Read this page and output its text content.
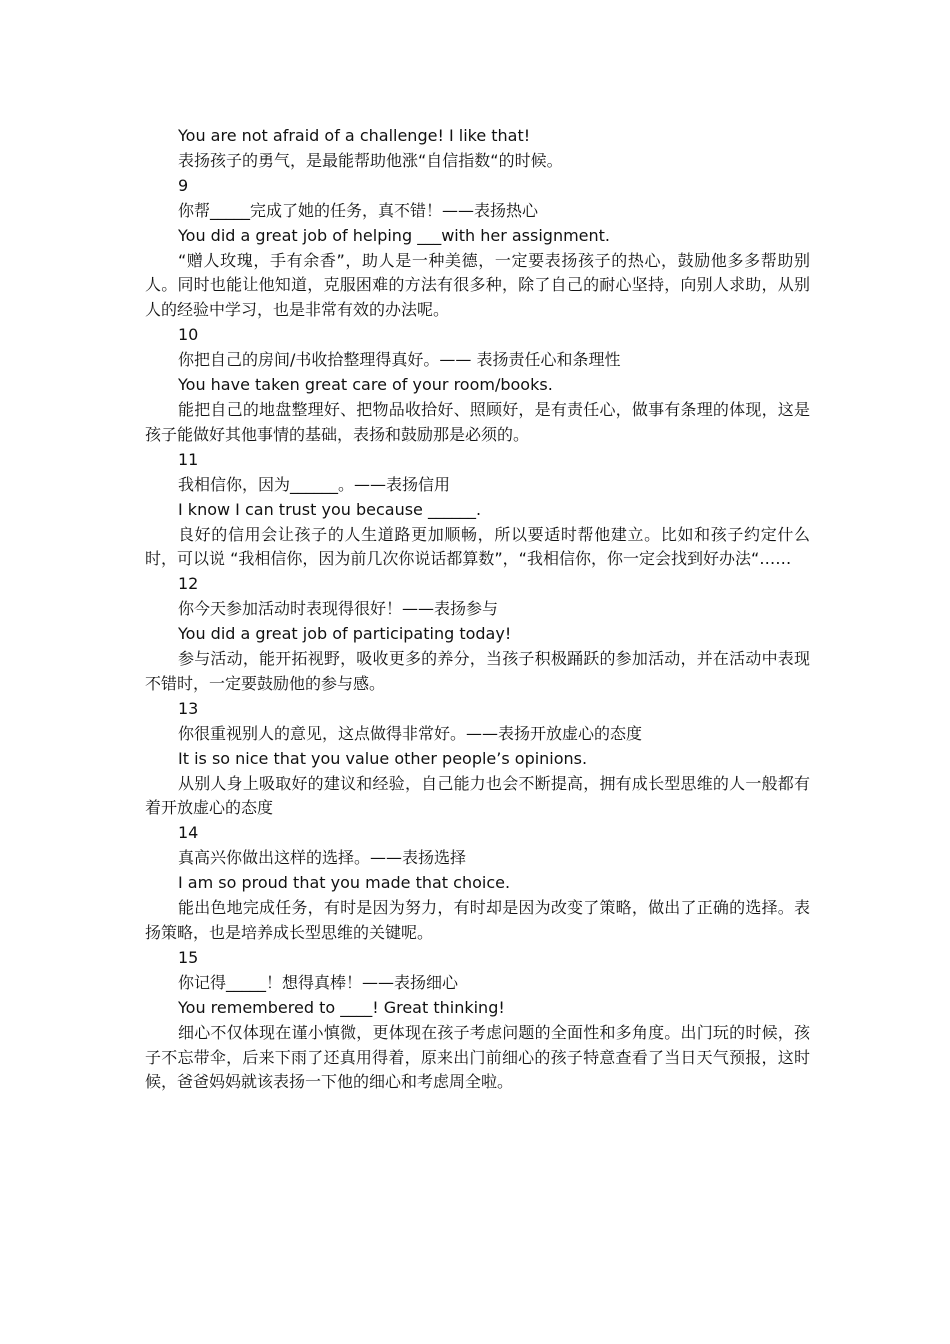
You are not afraid of a challenge! I like that!

表扬孩子的勇气，是最能帮助他涨“自信指数“的时候。

9

你帮_____完成了她的任务，真不错！——表扬热心

You did a great job of helping ___with her assignment.

“赠人玫瑰，手有余香”，助人是一种美德，一定要表扬孩子的热心，鼓励他多多帮助别人。同时也能让他知道，克服困难的方法有很多种，除了自己的耐心坚持，向别人求助，从别人的经验中学习，也是非常有效的办法呢。

10

你把自己的房间/书收拾整理得真好。—— 表扬责任心和条理性

You have taken great care of your room/books.

能把自己的地盘整理好、把物品收拾好、照顾好，是有责任心，做事有条理的体现，这是孩子能做好其他事情的基础，表扬和鼓励那是必须的。

11

我相信你，因为______。——表扬信用

I know I can trust you because ______.

良好的信用会让孩子的人生道路更加顺畅，所以要适时帮他建立。比如和孩子约定什么时，可以说 “我相信你，因为前几次你说话都算数”，“我相信你，你一定会找到好办法“……

12

你今天参加活动时表现得很好！——表扬参与

You did a great job of participating today!

参与活动，能开拓视野，吸收更多的养分，当孩子积极踊跃的参加活动，并在活动中表现不错时，一定要鼓励他的参与感。

13

你很重视别人的意见，这点做得非常好。——表扬开放虚心的态度

It is so nice that you value other people’s opinions.

从别人身上吸取好的建议和经验，自己能力也会不断提高，拥有成长型思维的人一般都有着开放虚心的态度

14

真高兴你做出这样的选择。——表扬选择

I am so proud that you made that choice.

能出色地完成任务，有时是因为努力，有时却是因为改变了策略，做出了正确的选择。表扬策略，也是培养成长型思维的关键呢。

15

你记得_____！想得真棒！——表扬细心

You remembered to ____! Great thinking!

细心不仅体现在谨小慎微，更体现在孩子考虑问题的全面性和多角度。出门玩的时候，孩子不忘带伞，后来下雨了还真用得着，原来出门前细心的孩子特意查看了当日天气预报，这时候，爸爸妈妈就该表扬一下他的细心和考虑周全啦。
